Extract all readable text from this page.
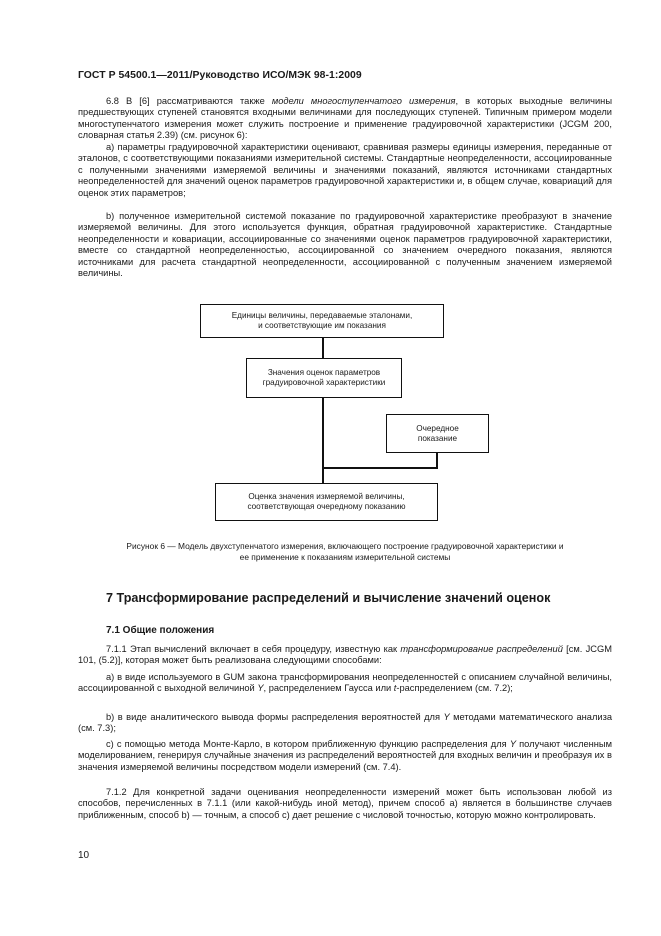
ГОСТ Р 54500.1—2011/Руководство ИСО/МЭК 98-1:2009
6.8 В [6] рассматриваются также модели многоступенчатого измерения, в которых выходные величины предшествующих ступеней становятся входными величинами для последующих ступеней. Типичным примером модели многоступенчатого измерения может служить построение и применение градуировочной характеристики (JCGM 200, словарная статья 2.39) (см. рисунок 6):
а) параметры градуировочной характеристики оценивают, сравнивая размеры единицы измерения, переданные от эталонов, с соответствующими показаниями измерительной системы. Стандартные неопределенности, ассоциированные с полученными значениями измеряемой величины и значениями показаний, являются источниками стандартных неопределенностей для значений оценок параметров градуировочной характеристики и, в общем случае, ковариаций для оценок этих параметров;
b) полученное измерительной системой показание по градуировочной характеристике преобразуют в значение измеряемой величины. Для этого используется функция, обратная градуировочной характеристике. Стандартные неопределенности и ковариации, ассоциированные со значениями оценок параметров градуировочной характеристики, вместе со стандартной неопределенностью, ассоциированной со значением очередного показания, являются источниками для расчета стандартной неопределенности, ассоциированной с полученным значением измеряемой величины.
Единицы величины, передаваемые эталонами,
и соответствующие им показания
Значения оценок параметров
градуировочной характеристики
Очередное
показание
Оценка значения измеряемой величины,
соответствующая очередному показанию
Рисунок 6 — Модель двухступенчатого измерения, включающего построение градуировочной характеристики и
ее применение к показаниям измерительной системы
7 Трансформирование распределений и вычисление значений оценок
7.1 Общие положения
7.1.1 Этап вычислений включает в себя процедуру, известную как трансформирование распределений [см. JCGM 101, (5.2)], которая может быть реализована следующими способами:
а) в виде используемого в GUM закона трансформирования неопределенностей с описанием случайной величины, ассоциированной с выходной величиной Y, распределением Гаусса или t-распределением (см. 7.2);
b) в виде аналитического вывода формы распределения вероятностей для Y методами математического анализа (см. 7.3);
c) с помощью метода Монте-Карло, в котором приближенную функцию распределения для Y получают численным моделированием, генерируя случайные значения из распределений вероятностей для входных величин и преобразуя их в значения измеряемой величины посредством модели измерений (см. 7.4).
7.1.2 Для конкретной задачи оценивания неопределенности измерений может быть использован любой из способов, перечисленных в 7.1.1 (или какой-нибудь иной метод), причем способ а) является в большинстве случаев приближенным, способ b) — точным, а способ c) дает решение с числовой точностью, которую можно контролировать.
10
